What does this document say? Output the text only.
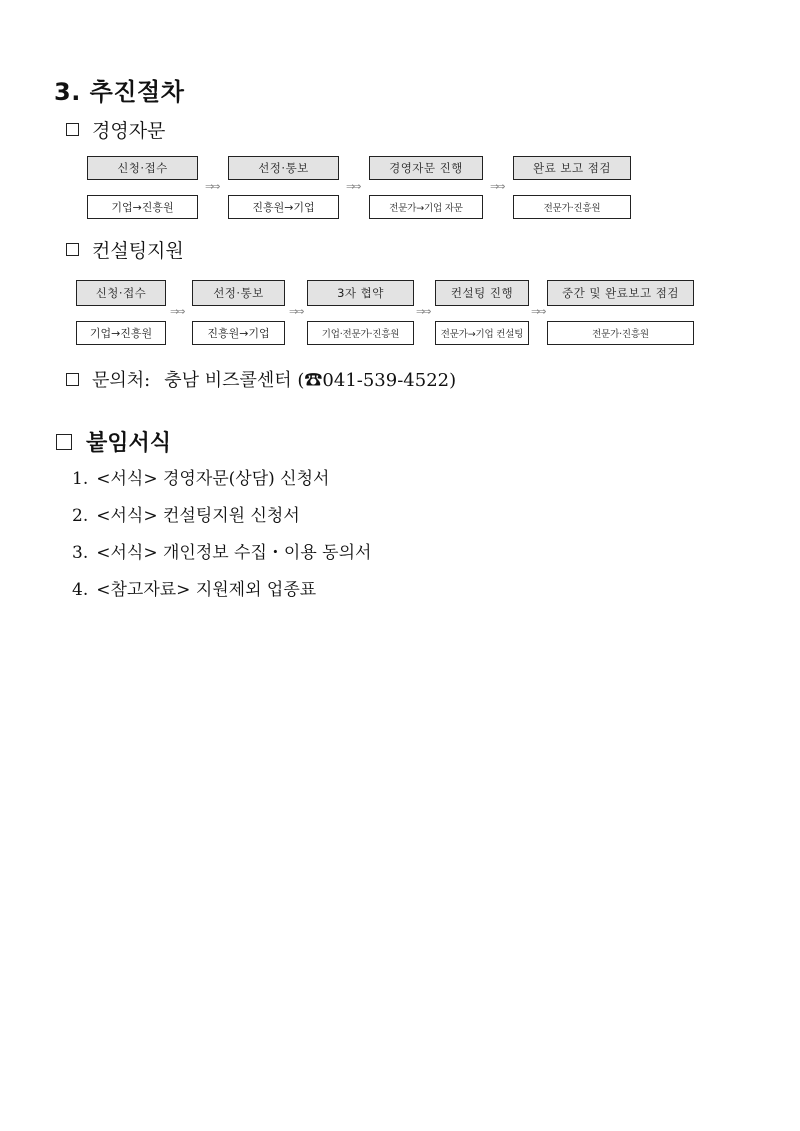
3. 추진절차
경영자문
신청·접수
기업→진흥원
⇒⇒
선정·통보
진흥원→기업
⇒⇒
경영자문 진행
전문가→기업 자문
⇒⇒
완료 보고 점검
전문가·진흥원
컨설팅지원
신청·접수
기업→진흥원
⇒⇒
선정·통보
진흥원→기업
⇒⇒
3자 협약
기업·전문가·진흥원
⇒⇒
컨설팅 진행
전문가→기업 컨설팅
⇒⇒
중간 및 완료보고 점검
전문가·진흥원
문의처: 충남 비즈콜센터 (☎041-539-4522)
붙임서식
1. <서식> 경영자문(상담) 신청서
2. <서식> 컨설팅지원 신청서
3. <서식> 개인정보 수집・이용 동의서
4. <참고자료> 지원제외 업종표
